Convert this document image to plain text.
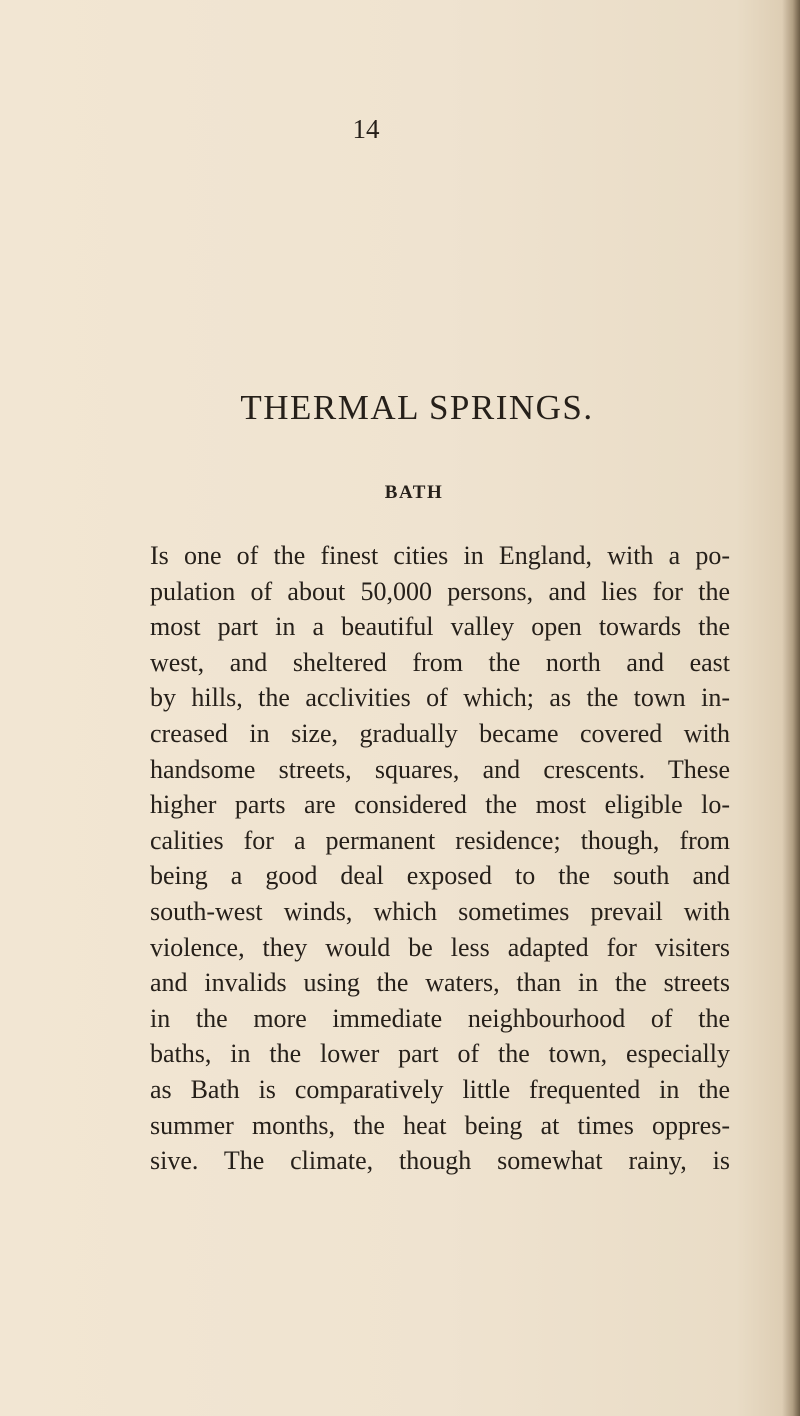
14
THERMAL SPRINGS.
BATH
Is one of the finest cities in England, with a po-
pulation of about 50,000 persons, and lies for the
most part in a beautiful valley open towards the
west, and sheltered from the north and east
by hills, the acclivities of which; as the town in-
creased in size, gradually became covered with
handsome streets, squares, and crescents. These
higher parts are considered the most eligible lo-
calities for a permanent residence; though, from
being a good deal exposed to the south and
south-west winds, which sometimes prevail with
violence, they would be less adapted for visiters
and invalids using the waters, than in the streets
in the more immediate neighbourhood of the
baths, in the lower part of the town, especially
as Bath is comparatively little frequented in the
summer months, the heat being at times oppres-
sive. The climate, though somewhat rainy, is
